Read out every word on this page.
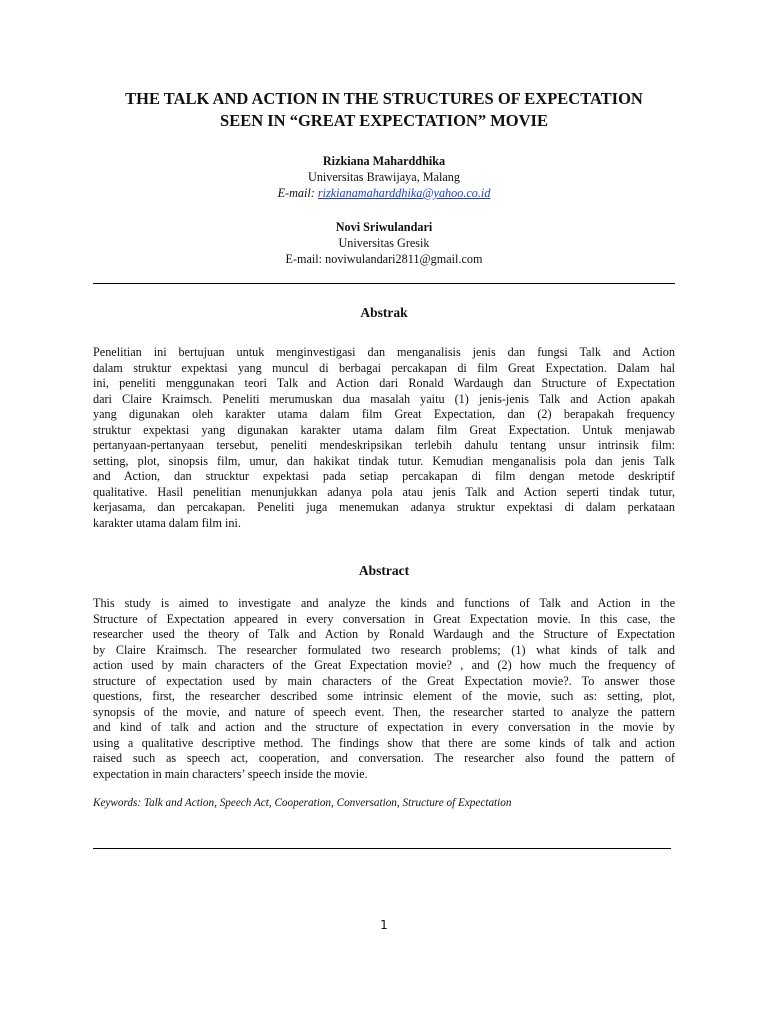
THE TALK AND ACTION IN THE STRUCTURES OF EXPECTATION
SEEN IN “GREAT EXPECTATION” MOVIE
Rizkiana Maharddhika
Universitas Brawijaya, Malang
E-mail: rizkianamaharddhika@yahoo.co.id
Novi Sriwulandari
Universitas Gresik
E-mail: noviwulandari2811@gmail.com
Abstrak

Penelitian ini bertujuan untuk menginvestigasi dan menganalisis jenis dan fungsi Talk and Action
dalam struktur expektasi yang muncul di berbagai percakapan di film Great Expectation. Dalam hal
ini, peneliti menggunakan teori Talk and Action dari Ronald Wardaugh dan Structure of Expectation
dari Claire Kraimsch. Peneliti merumuskan dua masalah yaitu (1) jenis-jenis Talk and Action apakah
yang digunakan oleh karakter utama dalam film Great Expectation, dan (2) berapakah frequency
struktur expektasi yang digunakan karakter utama dalam film Great Expectation. Untuk menjawab
pertanyaan-pertanyaan tersebut, peneliti mendeskripsikan terlebih dahulu tentang unsur intrinsik film:
setting, plot, sinopsis film, umur, dan hakikat tindak tutur. Kemudian menganalisis pola dan jenis Talk
and Action, dan strucktur expektasi pada setiap percakapan di film dengan metode deskriptif
qualitative. Hasil penelitian menunjukkan adanya pola atau jenis Talk and Action seperti tindak tutur,
kerjasama, dan percakapan. Peneliti juga menemukan adanya struktur expektasi di dalam perkataan
karakter utama dalam film ini.

Abstract

This study is aimed to investigate and analyze the kinds and functions of Talk and Action in the
Structure of Expectation appeared in every conversation in Great Expectation movie. In this case, the
researcher used the theory of Talk and Action by Ronald Wardaugh and the Structure of Expectation
by Claire Kraimsch. The researcher formulated two research problems; (1) what kinds of talk and
action used by main characters of the Great Expectation movie? , and (2) how much the frequency of
structure of expectation used by main characters of the Great Expectation movie?. To answer those
questions, first, the researcher described some intrinsic element of the movie, such as: setting, plot,
synopsis of the movie, and nature of speech event. Then, the researcher started to analyze the pattern
and kind of talk and action and the structure of expectation in every conversation in the movie by
using a qualitative descriptive method. The findings show that there are some kinds of talk and action
raised such as speech act, cooperation, and conversation. The researcher also found the pattern of
expectation in main characters’ speech inside the movie.

Keywords: Talk and Action, Speech Act, Cooperation, Conversation, Structure of Expectation

1
